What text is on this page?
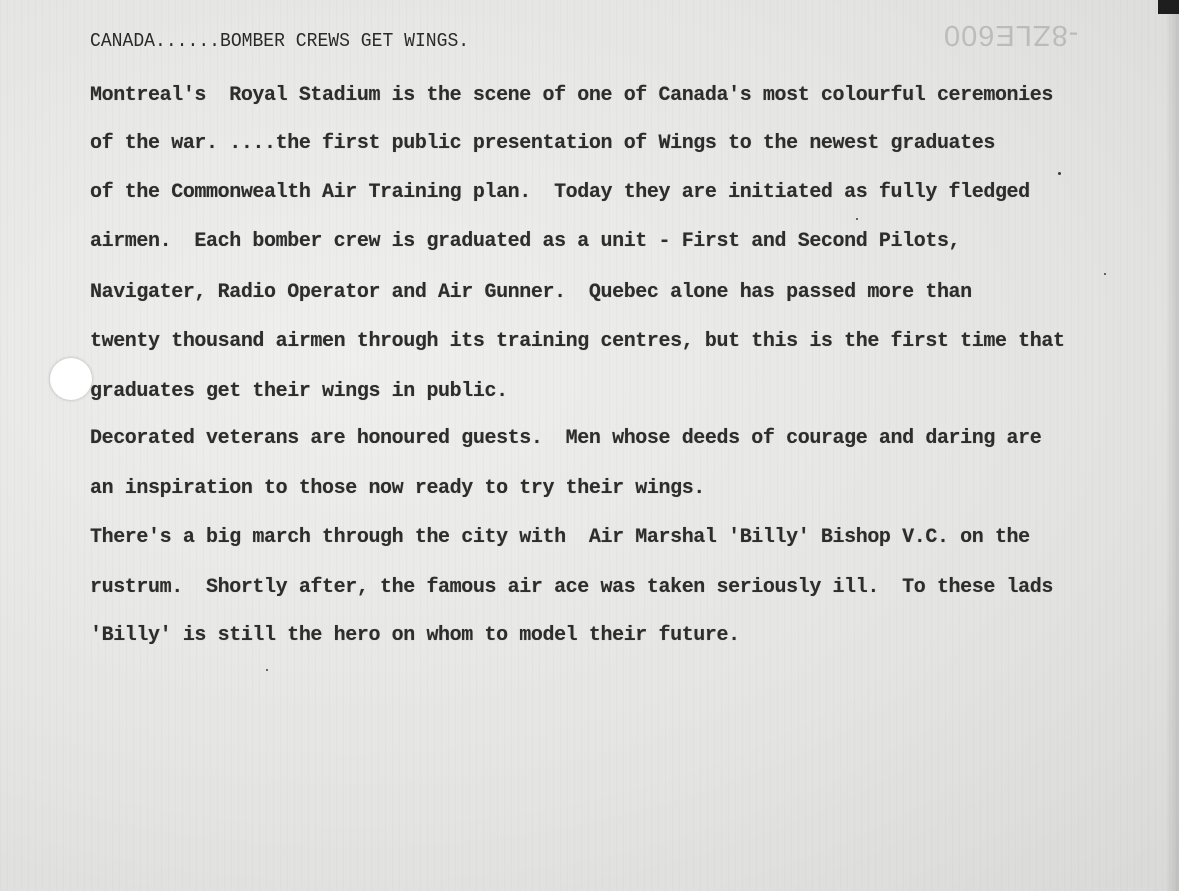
-8ZLE600
CANADA......BOMBER CREWS GET WINGS.
Montreal's  Royal Stadium is the scene of one of Canada's most colourful ceremonies
of the war. ....the first public presentation of Wings to the newest graduates
of the Commonwealth Air Training plan.  Today they are initiated as fully fledged
airmen.  Each bomber crew is graduated as a unit - First and Second Pilots,
Navigater, Radio Operator and Air Gunner.  Quebec alone has passed more than
twenty thousand airmen through its training centres, but this is the first time that
graduates get their wings in public.
Decorated veterans are honoured guests.  Men whose deeds of courage and daring are
an inspiration to those now ready to try their wings.
There's a big march through the city with  Air Marshal 'Billy' Bishop V.C. on the
rustrum.  Shortly after, the famous air ace was taken seriously ill.  To these lads
'Billy' is still the hero on whom to model their future.
